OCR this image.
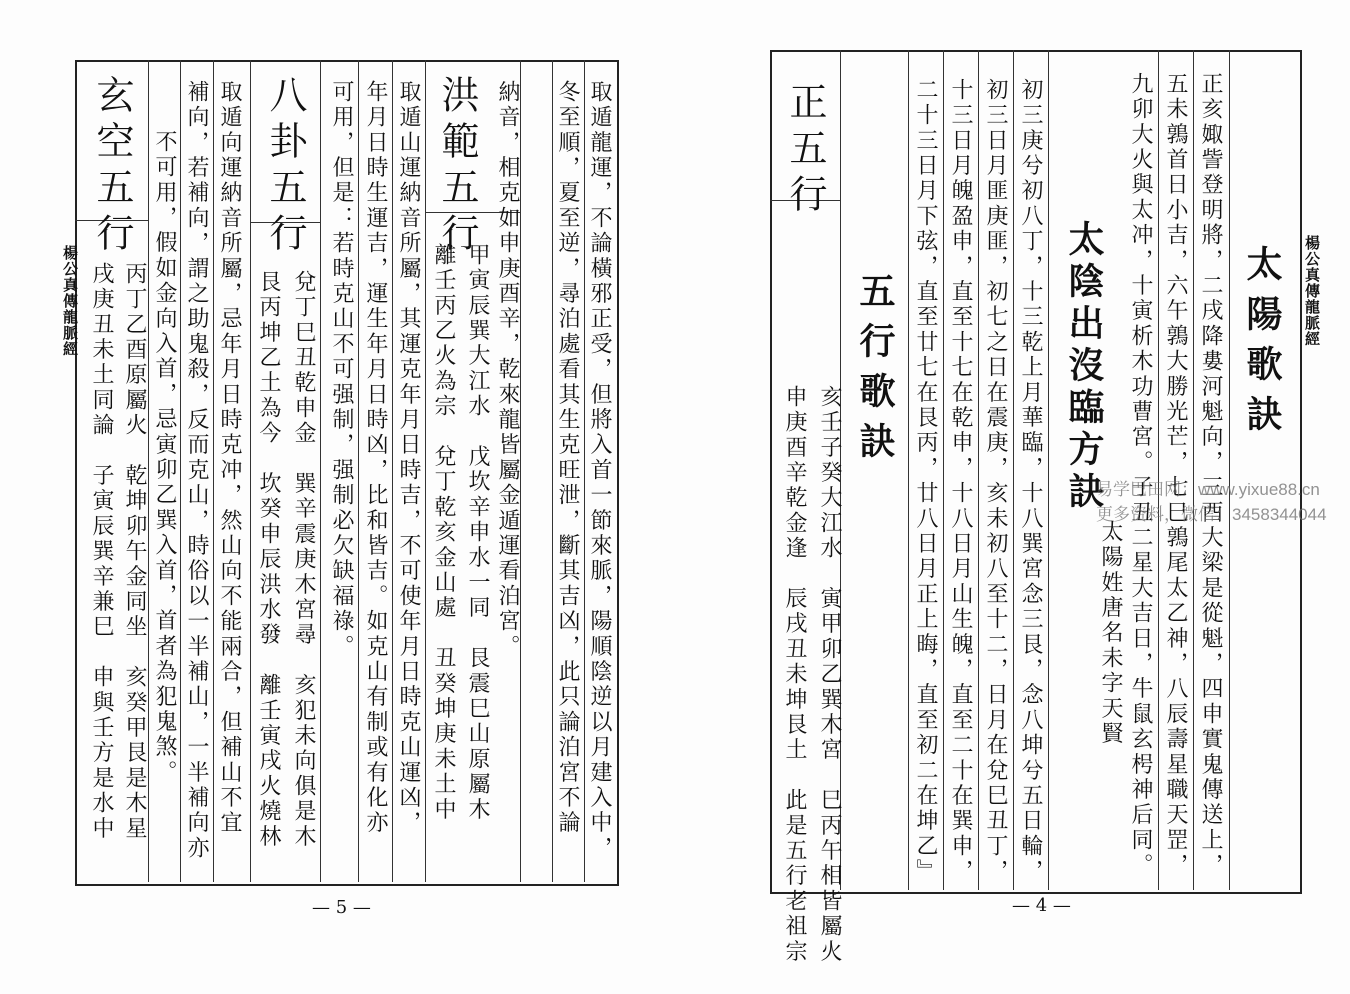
取遁龍運，不論橫邪正受，但將入首一節來脈，陽順陰逆以月建入中，
冬至順，夏至逆，尋泊處看其生克旺泄，斷其吉凶，此只論泊宮不論
納音，相克如申庚酉辛，乾來龍皆屬金遁運看泊宮。
洪範五行
甲寅辰巽大江水　戊坎辛申水一同　艮震巳山原屬木
離壬丙乙火為宗　兌丁乾亥金山處　丑癸坤庚未土中
取遁山運納音所屬，其運克年月日時吉，不可使年月日時克山運凶，
年月日時生運吉，運生年月日時凶，比和皆吉。如克山有制或有化亦
可用，但是：若時克山不可强制，强制必欠缺福祿。
八卦五行
兌丁巳丑乾申金　巽辛震庚木宮尋　亥犯未向俱是木
艮丙坤乙土為今　坎癸申辰洪水發　離壬寅戌火燒林
取遁向運納音所屬，忌年月日時克冲，然山向不能兩合，但補山不宜
補向，若補向，謂之助鬼殺，反而克山，時俗以一半補山，一半補向亦
不可用，假如金向入首，忌寅卯乙巽入首，首者為犯鬼煞。
玄空五行
丙丁乙酉原屬火　乾坤卯午金同坐　亥癸甲艮是木星
戌庚丑未土同論　子寅辰巽辛兼巳　申與壬方是水中
楊公真傳龍脈經
— 5 —
楊公真傳龍脈經
太陽歌訣
正亥娵訾登明將，二戌降婁河魁向，三酉大梁是從魁，四申實鬼傳送上，
五未鶉首日小吉，六午鶉大勝光芒，七巳鶉尾太乙神，八辰壽星職天罡，
九卯大火與太冲，十寅析木功曹宮。子丑二星大吉日，牛鼠玄枵神后同。
太陽姓唐名未字天賢
太陰出沒臨方訣
初三庚兮初八丁，十三乾上月華臨，十八巽宮念三艮，念八坤兮五日輪，
初三日月匪庚匪，初七之日在震庚，亥未初八至十二，日月在兌巳丑丁，
十三日月魄盈申，直至十七在乾申，十八日月山生魄，直至二十在巽申，
二十三日月下弦，直至廿七在艮丙，廿八日月正上晦，直至初二在坤乙』
五行歌訣
亥壬子癸大江水　寅甲卯乙巽木宮　巳丙午相皆屬火
申庚酉辛乾金逢　辰戌丑未坤艮土　此是五行老祖宗
正五行
— 4 —
易学巴田网：www.yixue88.cn
更多资料，微信：3458344044
